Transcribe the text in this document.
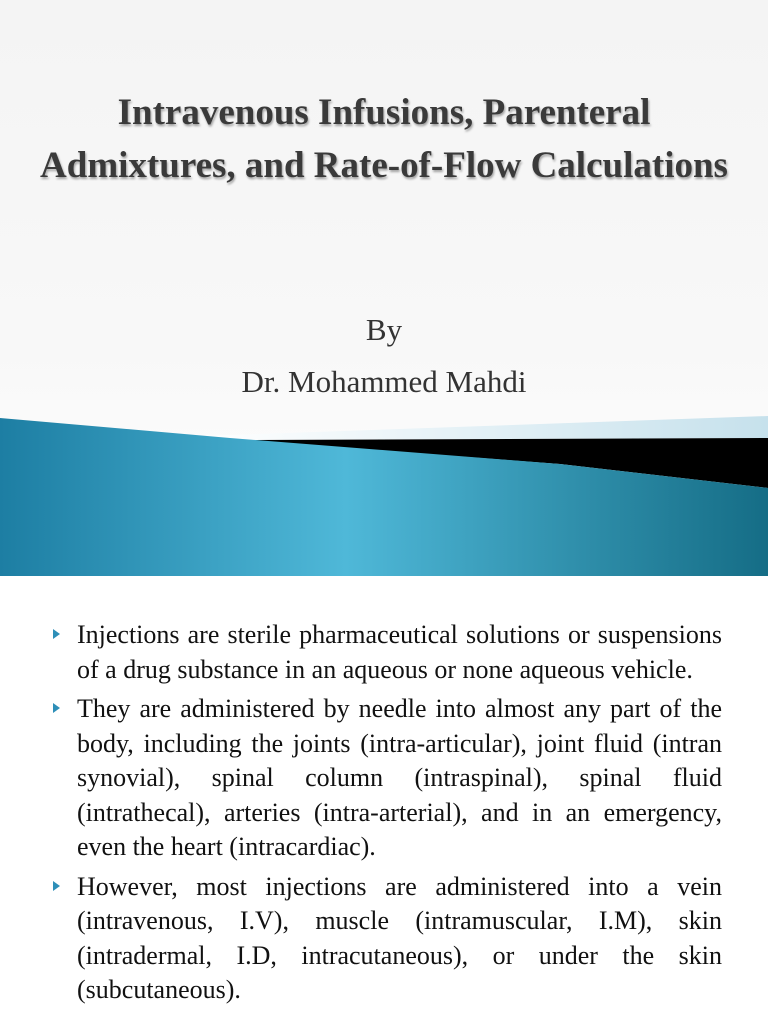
Intravenous Infusions, Parenteral Admixtures, and Rate-of-Flow Calculations
By
Dr. Mohammed Mahdi
Injections are sterile pharmaceutical solutions or suspensions of a drug substance in an aqueous or none aqueous vehicle.
They are administered by needle into almost any part of the body, including the joints (intra-articular), joint fluid (intran synovial), spinal column (intraspinal), spinal fluid (intrathecal), arteries (intra-arterial), and in an emergency, even the heart (intracardiac).
However, most injections are administered into a vein (intravenous, I.V), muscle (intramuscular, I.M), skin (intradermal, I.D, intracutaneous), or under the skin (subcutaneous).
